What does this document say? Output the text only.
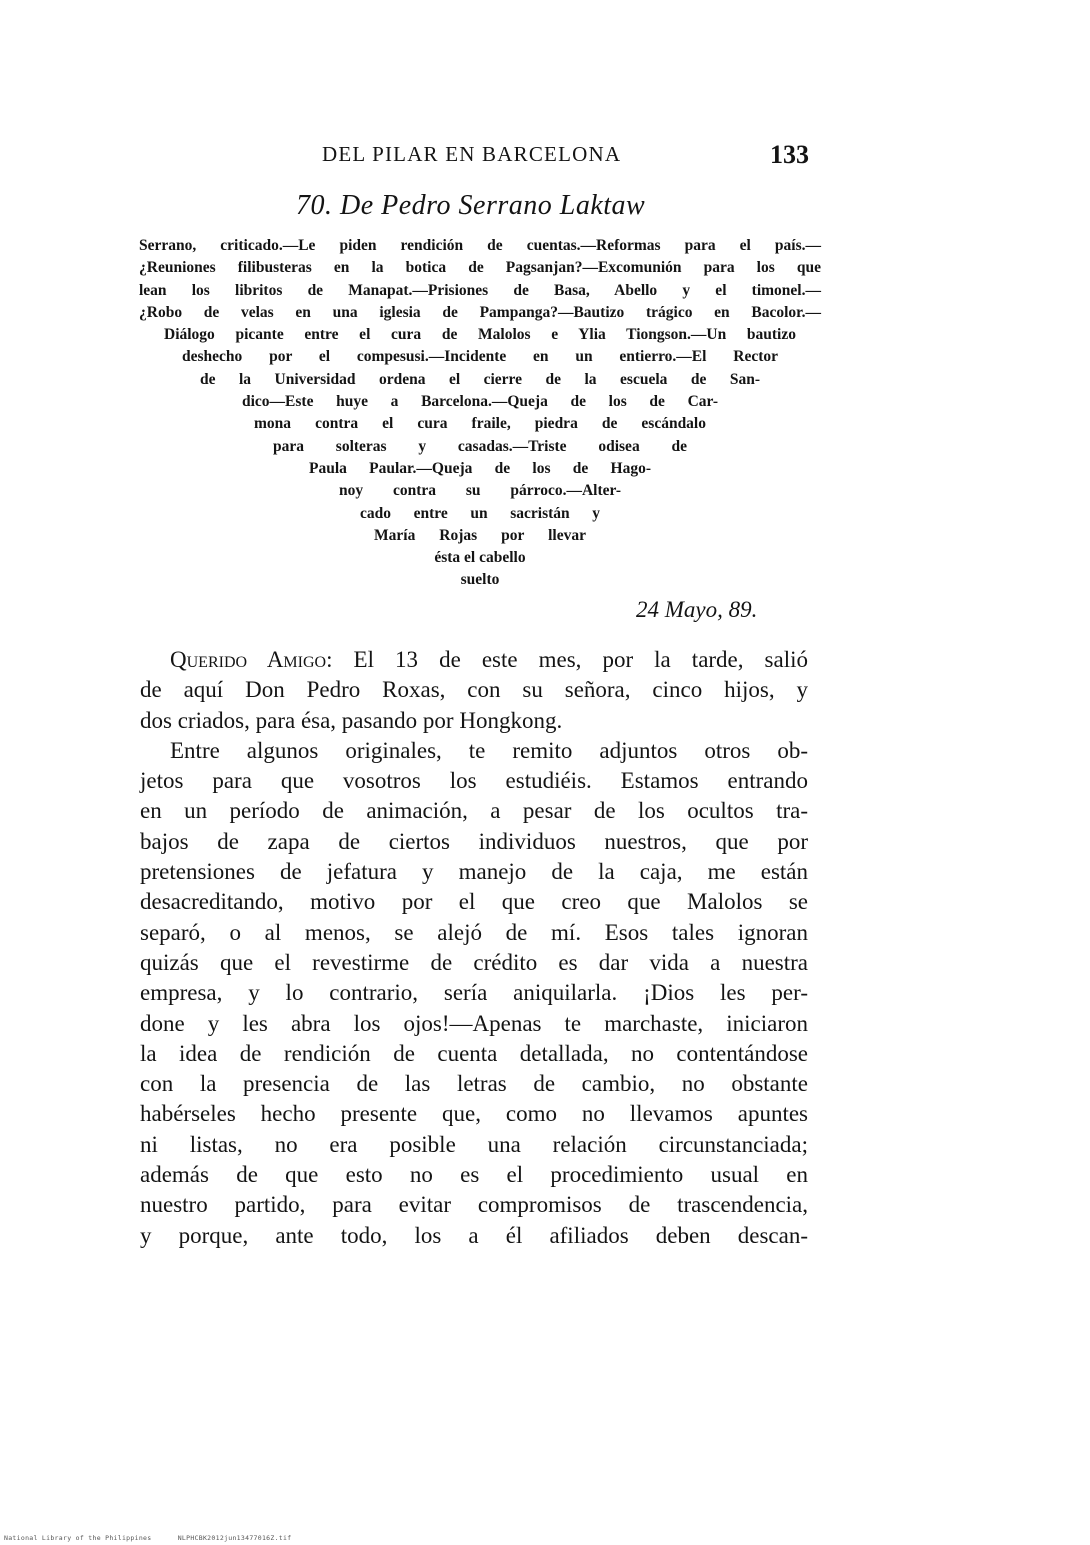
DEL PILAR EN BARCELONA	133
70. De Pedro Serrano Laktaw
Serrano, criticado.—Le piden rendición de cuentas.—Reformas para el país.—
¿Reuniones filibusteras en la botica de Pagsanjan?—Excomunión para los que
lean los libritos de Manapat.—Prisiones de Basa, Abello y el timonel.—
¿Robo de velas en una iglesia de Pampanga?—Bautizo trágico en Bacolor.—
Diálogo picante entre el cura de Malolos e Ylia Tiongson.—Un bautizo
deshecho por el compesusi.—Incidente en un entierro.—El Rector
de la Universidad ordena el cierre de la escuela de San-
dico—Este huye a Barcelona.—Queja de los de Car-
mona contra el cura fraile, piedra de escándalo
para solteras y casadas.—Triste odisea de
Paula Paular.—Queja de los de Hago-
noy contra su párroco.—Alter-
cado entre un sacristán y
María Rojas por llevar
ésta el cabello
suelto
24 Mayo, 89.
Querido Amigo: El 13 de este mes, por la tarde, salió
de aquí Don Pedro Roxas, con su señora, cinco hijos, y
dos criados, para ésa, pasando por Hongkong.
Entre algunos originales, te remito adjuntos otros ob-
jetos para que vosotros los estudiéis. Estamos entrando
en un período de animación, a pesar de los ocultos tra-
bajos de zapa de ciertos individuos nuestros, que por
pretensiones de jefatura y manejo de la caja, me están
desacreditando, motivo por el que creo que Malolos se
separó, o al menos, se alejó de mí. Esos tales ignoran
quizás que el revestirme de crédito es dar vida a nuestra
empresa, y lo contrario, sería aniquilarla. ¡Dios les per-
done y les abra los ojos!—Apenas te marchaste, iniciaron
la idea de rendición de cuenta detallada, no contentándose
con la presencia de las letras de cambio, no obstante
habérseles hecho presente que, como no llevamos apuntes
ni listas, no era posible una relación circunstanciada;
además de que esto no es el procedimiento usual en
nuestro partido, para evitar compromisos de trascendencia,
y porque, ante todo, los a él afiliados deben descan-
National Library of the Philippines	NLPHCBK2012jun13477016Z.tif
